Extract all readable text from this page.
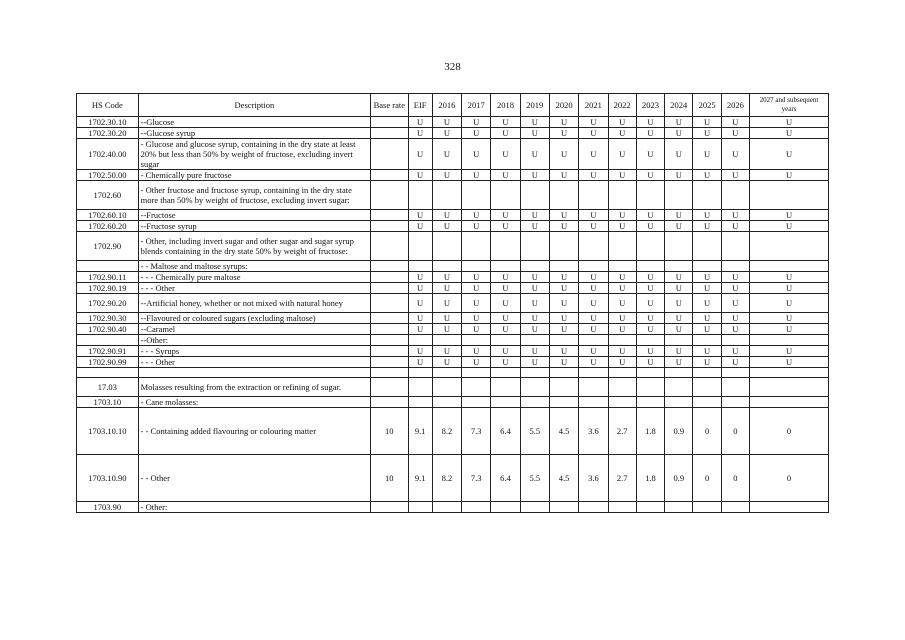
328
HS Code	Description	Base rate	EIF	2016	2017	2018	2019	2020	2021	2022	2023	2024	2025	2026	2027 and subsequent years
1702.30.10	--Glucose		U	U	U	U	U	U	U	U	U	U	U	U	U
1702.30.20	--Glucose syrup		U	U	U	U	U	U	U	U	U	U	U	U	U
1702.40.00	- Glucose and glucose syrup, containing in the dry state at least 20% but less than 50% by weight of fructose, excluding invert sugar		U	U	U	U	U	U	U	U	U	U	U	U	U
1702.50.00	- Chemically pure fructose		U	U	U	U	U	U	U	U	U	U	U	U	U
1702.60	- Other fructose and fructose syrup, containing in the dry state more than 50% by weight of fructose, excluding invert sugar:														
1702.60.10	--Fructose		U	U	U	U	U	U	U	U	U	U	U	U	U
1702.60.20	--Fructose syrup		U	U	U	U	U	U	U	U	U	U	U	U	U
1702.90	- Other, including invert sugar and other sugar and sugar syrup blends containing in the dry state 50% by weight of fructose:														
	- - Maltose and maltose syrups:														
1702.90.11	- - - Chemically pure maltose		U	U	U	U	U	U	U	U	U	U	U	U	U
1702.90.19	- - - Other		U	U	U	U	U	U	U	U	U	U	U	U	U
1702.90.20	--Artificial honey, whether or not mixed with natural honey		U	U	U	U	U	U	U	U	U	U	U	U	U
1702.90.30	--Flavoured or coloured sugars (excluding maltose)		U	U	U	U	U	U	U	U	U	U	U	U	U
1702.90.40	--Caramel		U	U	U	U	U	U	U	U	U	U	U	U	U
	--Other:														
1702.90.91	- - - Syrups		U	U	U	U	U	U	U	U	U	U	U	U	U
1702.90.99	- - - Other		U	U	U	U	U	U	U	U	U	U	U	U	U

17.03	Molasses resulting from the extraction or refining of sugar.														
1703.10	- Cane molasses:														
1703.10.10	- - Containing added flavouring or colouring matter	10	9.1	8.2	7.3	6.4	5.5	4.5	3.6	2.7	1.8	0.9	0	0	0
1703.10.90	- - Other	10	9.1	8.2	7.3	6.4	5.5	4.5	3.6	2.7	1.8	0.9	0	0	0
1703.90	- Other:														
